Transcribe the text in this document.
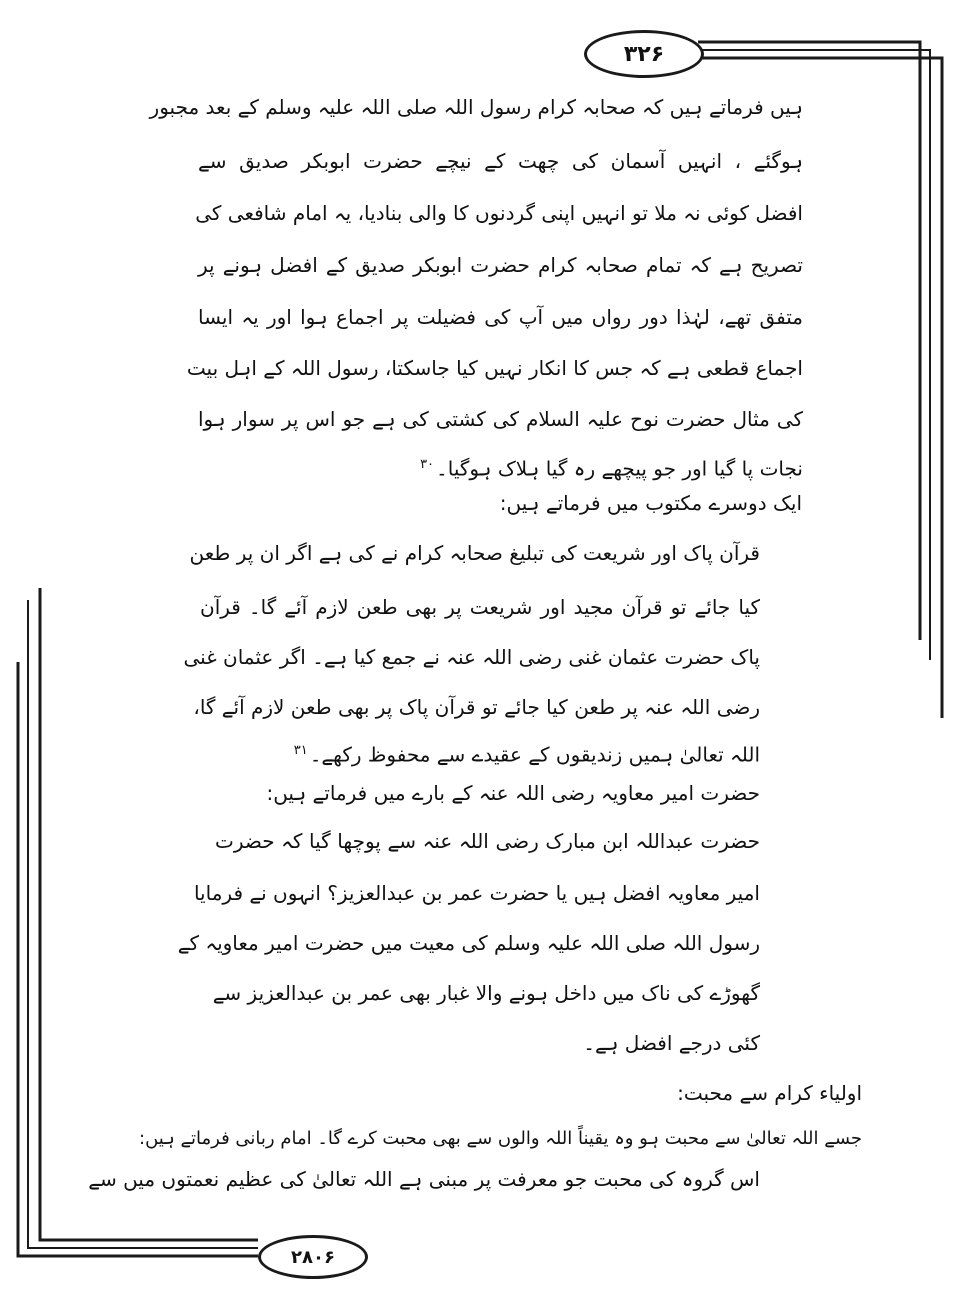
۳۲۶
۲۸۰۶

ہیں فرماتے ہیں کہ صحابہ کرام رسول اللہ صلی اللہ علیہ وسلم کے بعد مجبور

ہوگئے ، انہیں آسمان کی چھت کے نیچے حضرت ابوبکر صدیق سے

افضل کوئی نہ ملا تو انہیں اپنی گردنوں کا والی بنادیا، یہ امام شافعی کی

تصریح ہے کہ تمام صحابہ کرام حضرت ابوبکر صدیق کے افضل ہونے پر

متفق تھے، لہٰذا دور رواں میں آپ کی فضیلت پر اجماع ہوا اور یہ ایسا

اجماع قطعی ہے کہ جس کا انکار نہیں کیا جاسکتا، رسول اللہ کے اہل بیت

کی مثال حضرت نوح علیہ السلام کی کشتی کی ہے جو اس پر سوار ہوا

نجات پا گیا اور جو پیچھے رہ گیا ہلاک ہوگیا۔$^{۳۰}$

ایک دوسرے مکتوب میں فرماتے ہیں:

قرآن پاک اور شریعت کی تبلیغ صحابہ کرام نے کی ہے اگر ان پر طعن

کیا جائے تو قرآن مجید اور شریعت پر بھی طعن لازم آئے گا۔ قرآن

پاک حضرت عثمان غنی رضی اللہ عنہ نے جمع کیا ہے۔ اگر عثمان غنی

رضی اللہ عنہ پر طعن کیا جائے تو قرآن پاک پر بھی طعن لازم آئے گا،

اللہ تعالیٰ ہمیں زندیقوں کے عقیدے سے محفوظ رکھے۔$^{۳۱}$

حضرت امیر معاویہ رضی اللہ عنہ کے بارے میں فرماتے ہیں:

حضرت عبداللہ ابن مبارک رضی اللہ عنہ سے پوچھا گیا کہ حضرت

امیر معاویہ افضل ہیں یا حضرت عمر بن عبدالعزیز؟ انہوں نے فرمایا

رسول اللہ صلی اللہ علیہ وسلم کی معیت میں حضرت امیر معاویہ کے

گھوڑے کی ناک میں داخل ہونے والا غبار بھی عمر بن عبدالعزیز سے

کئی درجے افضل ہے۔

اولیاء کرام سے محبت:

جسے اللہ تعالیٰ سے محبت ہو وہ یقیناً اللہ والوں سے بھی محبت کرے گا۔ امام ربانی فرماتے ہیں:

اس گروہ کی محبت جو معرفت پر مبنی ہے اللہ تعالیٰ کی عظیم نعمتوں میں سے
